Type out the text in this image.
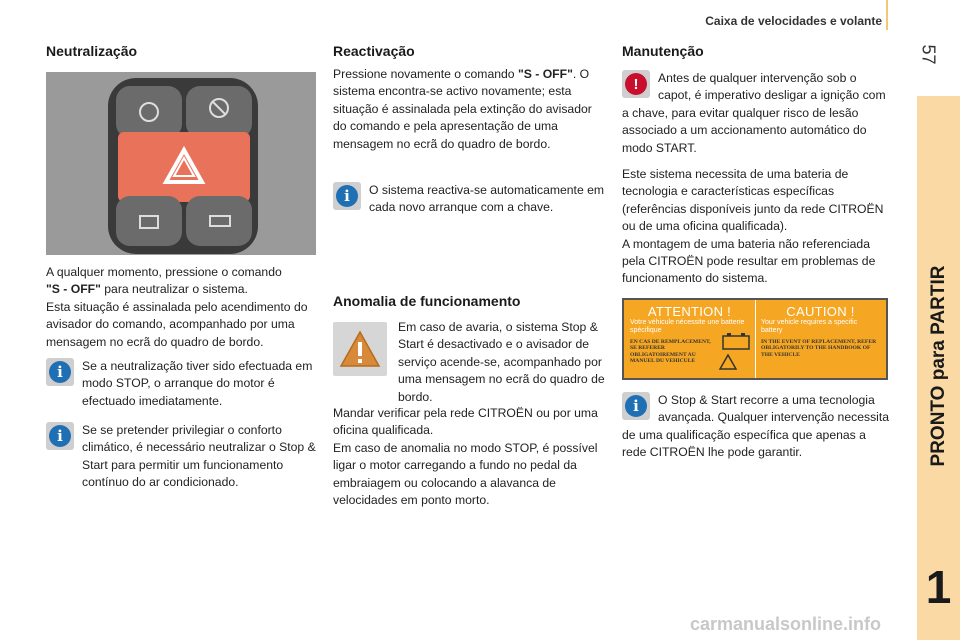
Caixa de velocidades e volante
57
PRONTO para PARTIR
1
Neutralização

A qualquer momento, pressione o comando
"S - OFF" para neutralizar o sistema.
Esta situação é assinalada pelo acendimento do avisador do comando, acompanhado por uma mensagem no ecrã do quadro de bordo.

i	Se a neutralização tiver sido efectuada em modo STOP, o arranque do motor é efectuado imediatamente.

i	Se se pretender privilegiar o conforto climático, é necessário neutralizar o Stop & Start para permitir um funcionamento contínuo do ar condicionado.

Reactivação

Pressione novamente o comando "S - OFF". O sistema encontra-se activo novamente; esta situação é assinalada pela extinção do avisador do comando e pela apresentação de uma mensagem no ecrã do quadro de bordo.

i	O sistema reactiva-se automaticamente em cada novo arranque com a chave.

Anomalia de funcionamento

Em caso de avaria, o sistema Stop & Start é desactivado e o avisador de serviço acende-se, acompanhado por uma mensagem no ecrã do quadro de bordo.

Mandar verificar pela rede CITROËN ou por uma oficina qualificada.
Em caso de anomalia no modo STOP, é possível ligar o motor carregando a fundo no pedal da embraiagem ou colocando a alavanca de velocidades em ponto morto.

Manutenção
!	Antes de qualquer intervenção sob o capot, é imperativo desligar a ignição com a chave, para evitar qualquer risco de lesão associado a um accionamento automático do modo START.

Este sistema necessita de uma bateria de tecnologia e características específicas (referências disponíveis junto da rede CITROËN ou de uma oficina qualificada).
A montagem de uma bateria não referenciada pela CITROËN pode resultar em problemas de funcionamento do sistema.

ATTENTION !
Votre véhicule nécessite une batterie spécifique
EN CAS DE REMPLACEMENT, SE REFERER OBLIGATOIREMENT AU MANUEL DU VEHICULE
CAUTION !
Your vehicle requires a specific battery
IN THE EVENT OF REPLACEMENT, REFER OBLIGATORILY TO THE HANDBOOK OF THE VEHICLE
i	O Stop & Start recorre a uma tecnologia avançada. Qualquer intervenção necessita de uma qualificação específica que apenas a rede CITROËN lhe pode garantir.

carmanualsonline.info
